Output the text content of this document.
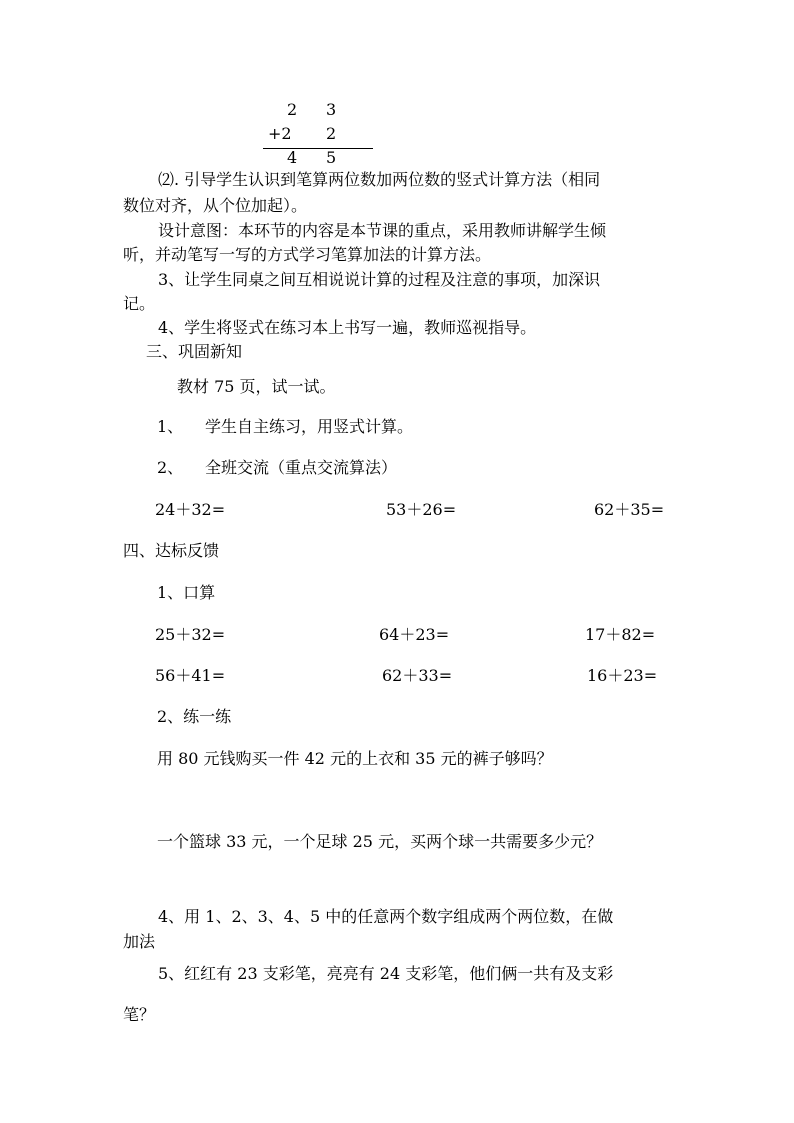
2 3
+2 2
4 5
⑵. 引导学生认识到笔算两位数加两位数的竖式计算方法（相同
数位对齐，从个位加起）。
设计意图：本环节的内容是本节课的重点，采用教师讲解学生倾
听，并动笔写一写的方式学习笔算加法的计算方法。
3、让学生同桌之间互相说说计算的过程及注意的事项，加深识
记。
4、学生将竖式在练习本上书写一遍，教师巡视指导。
三、巩固新知
教材 75 页，试一试。
1、 学生自主练习，用竖式计算。
2、 全班交流（重点交流算法）
24＋32=	53＋26=	62＋35=
四、达标反馈
1、口算
25＋32=	64＋23=	17＋82=
56＋41=	62＋33=	16＋23=
2、练一练
用 80 元钱购买一件 42 元的上衣和 35 元的裤子够吗？
一个篮球 33 元，一个足球 25 元，买两个球一共需要多少元？
4、用 1、2、3、4、5 中的任意两个数字组成两个两位数，在做
加法
5、红红有 23 支彩笔，亮亮有 24 支彩笔，他们俩一共有及支彩
笔？
